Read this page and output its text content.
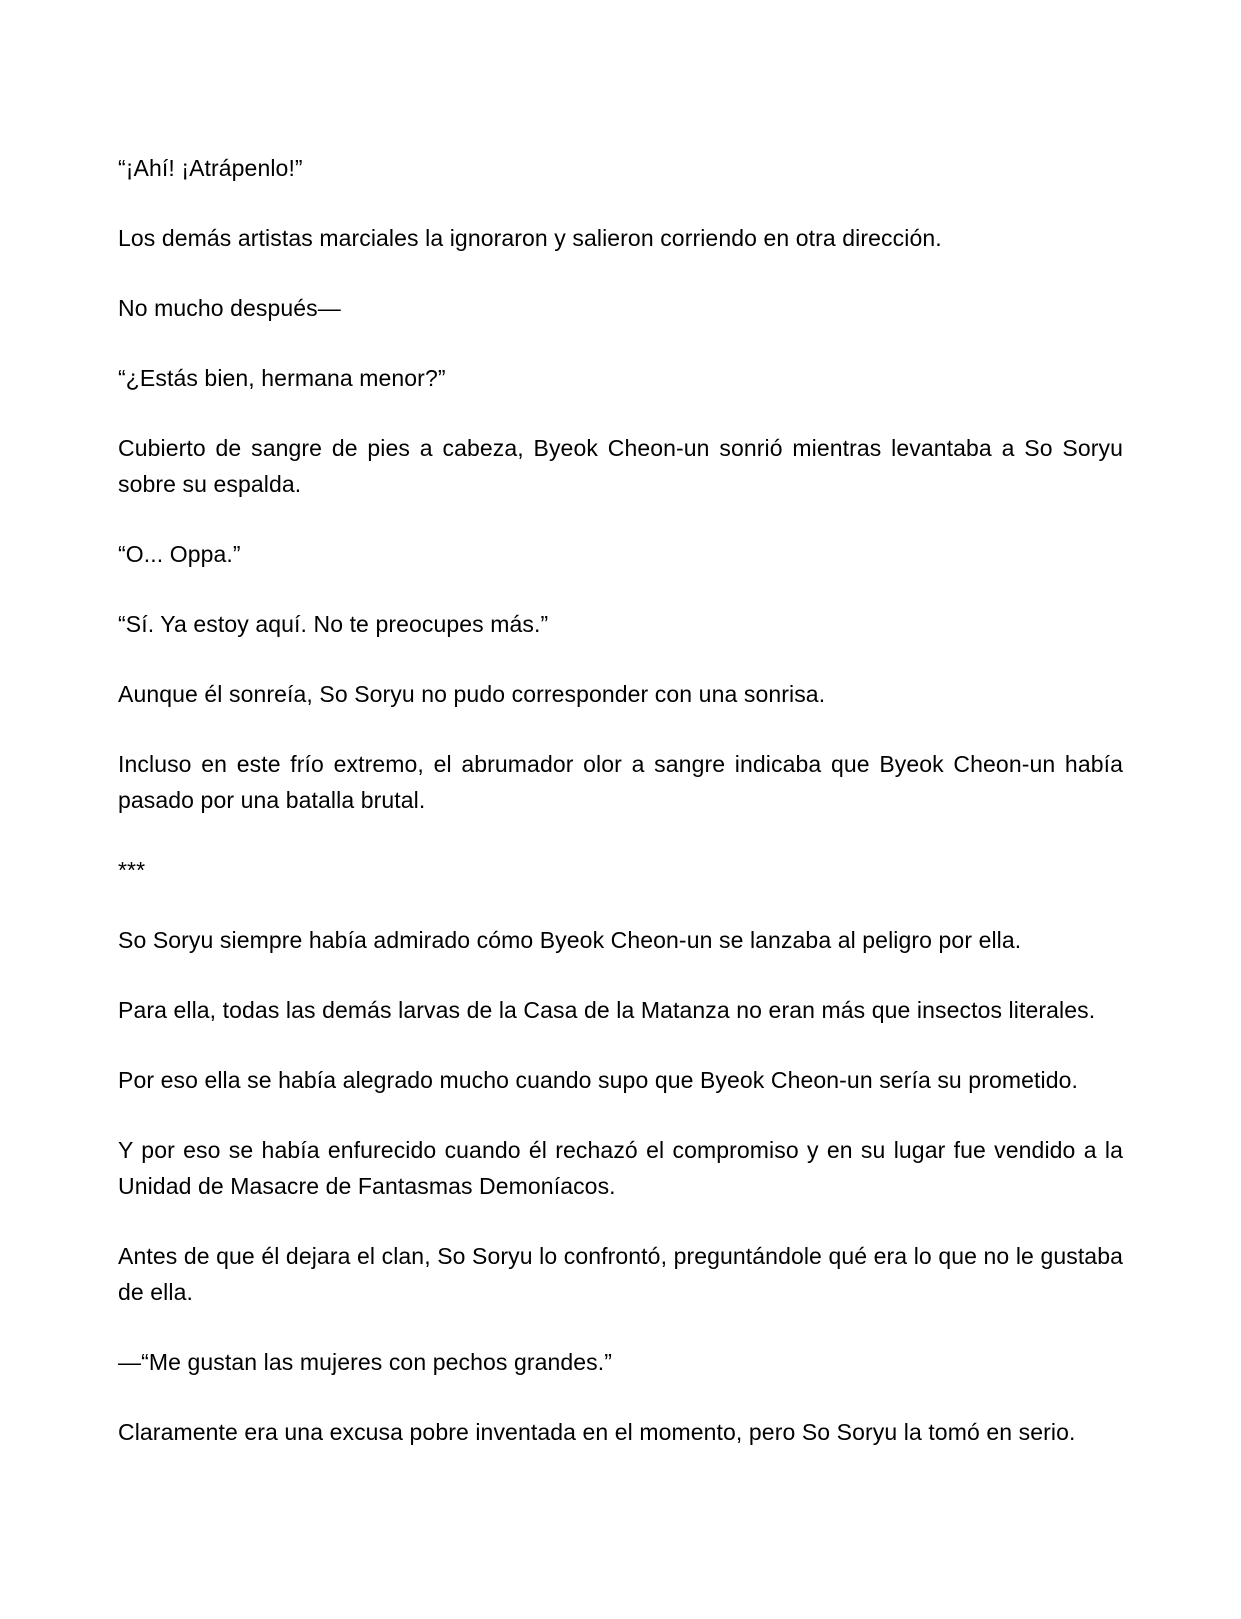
“¡Ahí! ¡Atrápenlo!”

Los demás artistas marciales la ignoraron y salieron corriendo en otra dirección.

No mucho después—

“¿Estás bien, hermana menor?”

Cubierto de sangre de pies a cabeza, Byeok Cheon-un sonrió mientras levantaba a So Soryu sobre su espalda.

“O... Oppa.”

“Sí. Ya estoy aquí. No te preocupes más.”

Aunque él sonreía, So Soryu no pudo corresponder con una sonrisa.

Incluso en este frío extremo, el abrumador olor a sangre indicaba que Byeok Cheon-un había pasado por una batalla brutal.

***

So Soryu siempre había admirado cómo Byeok Cheon-un se lanzaba al peligro por ella.

Para ella, todas las demás larvas de la Casa de la Matanza no eran más que insectos literales.

Por eso ella se había alegrado mucho cuando supo que Byeok Cheon-un sería su prometido.

Y por eso se había enfurecido cuando él rechazó el compromiso y en su lugar fue vendido a la Unidad de Masacre de Fantasmas Demoníacos.

Antes de que él dejara el clan, So Soryu lo confrontó, preguntándole qué era lo que no le gustaba de ella.

—“Me gustan las mujeres con pechos grandes.”

Claramente era una excusa pobre inventada en el momento, pero So Soryu la tomó en serio.
